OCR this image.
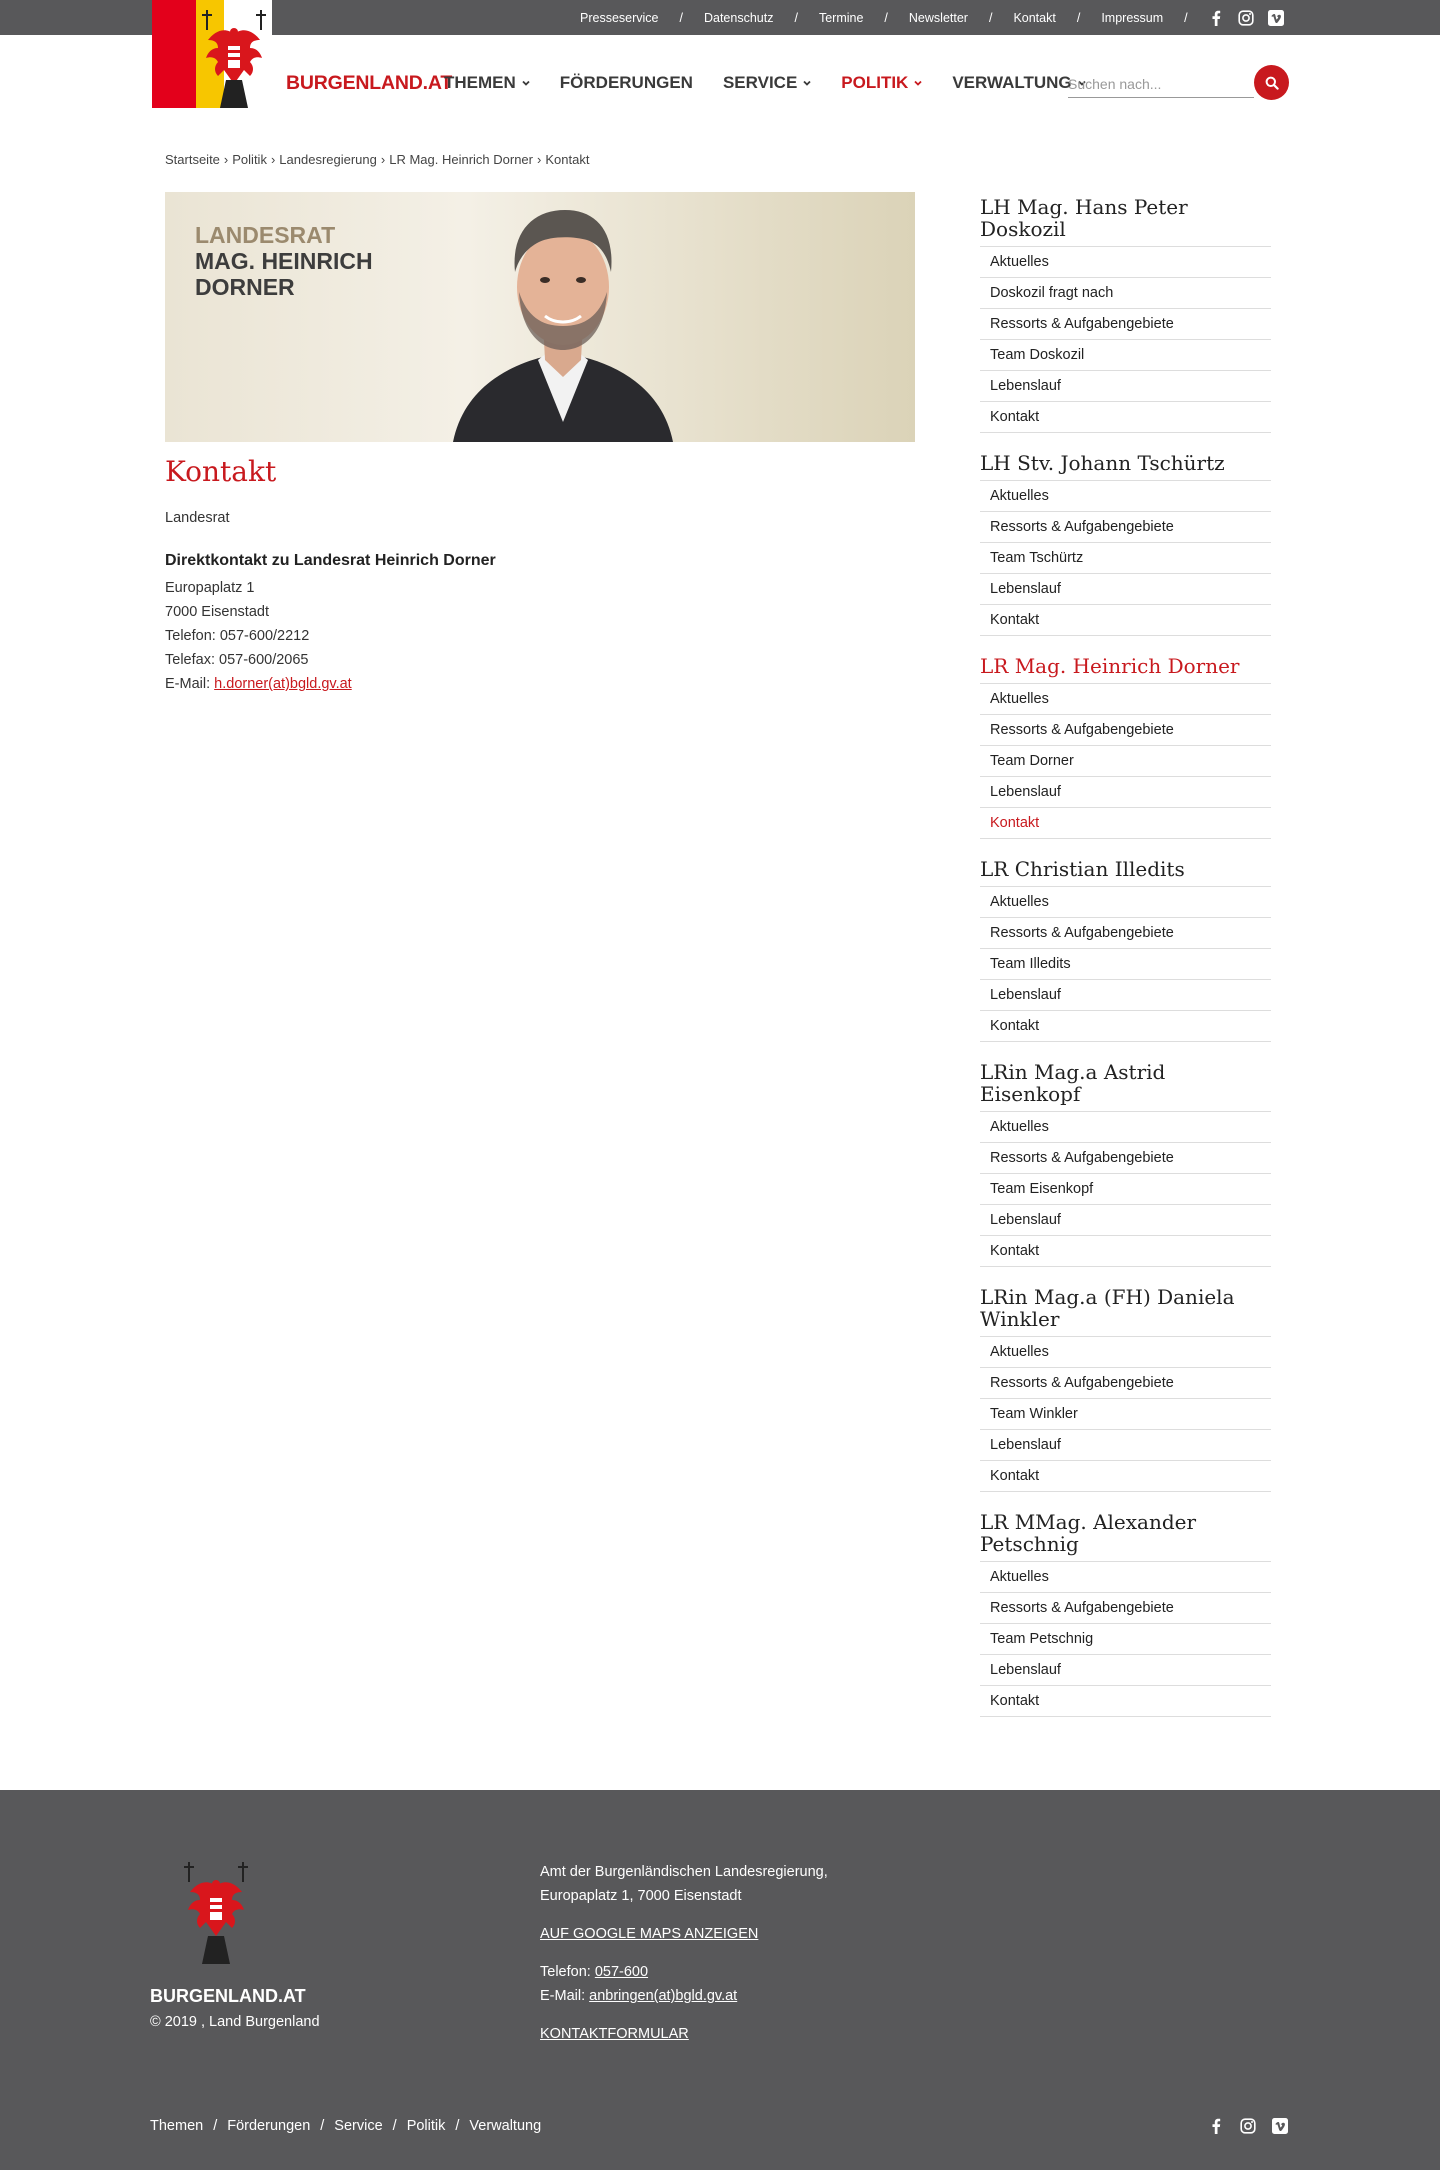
Presseservice / Datenschutz / Termine / Newsletter / Kontakt / Impressum /
BURGENLAND.AT
THEMEN	FÖRDERUNGEN SERVICE	POLITIK	VERWALTUNG
Suchen nach...
Startseite › Politik › Landesregierung › LR Mag. Heinrich Dorner › Kontakt
LANDESRAT
MAG. HEINRICH
DORNER
Kontakt
Landesrat
Direktkontakt zu Landesrat Heinrich Dorner
Europaplatz 1
7000 Eisenstadt
Telefon: 057-600/2212
Telefax: 057-600/2065
E-Mail: h.dorner(at)bgld.gv.at
LH Mag. Hans Peter Doskozil
Aktuelles
Doskozil fragt nach
Ressorts & Aufgabengebiete
Team Doskozil
Lebenslauf
Kontakt
LH Stv. Johann Tschürtz
Aktuelles
Ressorts & Aufgabengebiete
Team Tschürtz
Lebenslauf
Kontakt
LR Mag. Heinrich Dorner
Aktuelles
Ressorts & Aufgabengebiete
Team Dorner
Lebenslauf
Kontakt
LR Christian Illedits
Aktuelles
Ressorts & Aufgabengebiete
Team Illedits
Lebenslauf
Kontakt
LRin Mag.a Astrid Eisenkopf
Aktuelles
Ressorts & Aufgabengebiete
Team Eisenkopf
Lebenslauf
Kontakt
LRin Mag.a (FH) Daniela Winkler
Aktuelles
Ressorts & Aufgabengebiete
Team Winkler
Lebenslauf
Kontakt
LR MMag. Alexander Petschnig
Aktuelles
Ressorts & Aufgabengebiete
Team Petschnig
Lebenslauf
Kontakt
BURGENLAND.AT
© 2019 , Land Burgenland
Amt der Burgenländischen Landesregierung,
Europaplatz 1, 7000 Eisenstadt
AUF GOOGLE MAPS ANZEIGEN
Telefon: 057-600
E-Mail: anbringen(at)bgld.gv.at
KONTAKTFORMULAR
Themen / Förderungen / Service / Politik / Verwaltung
